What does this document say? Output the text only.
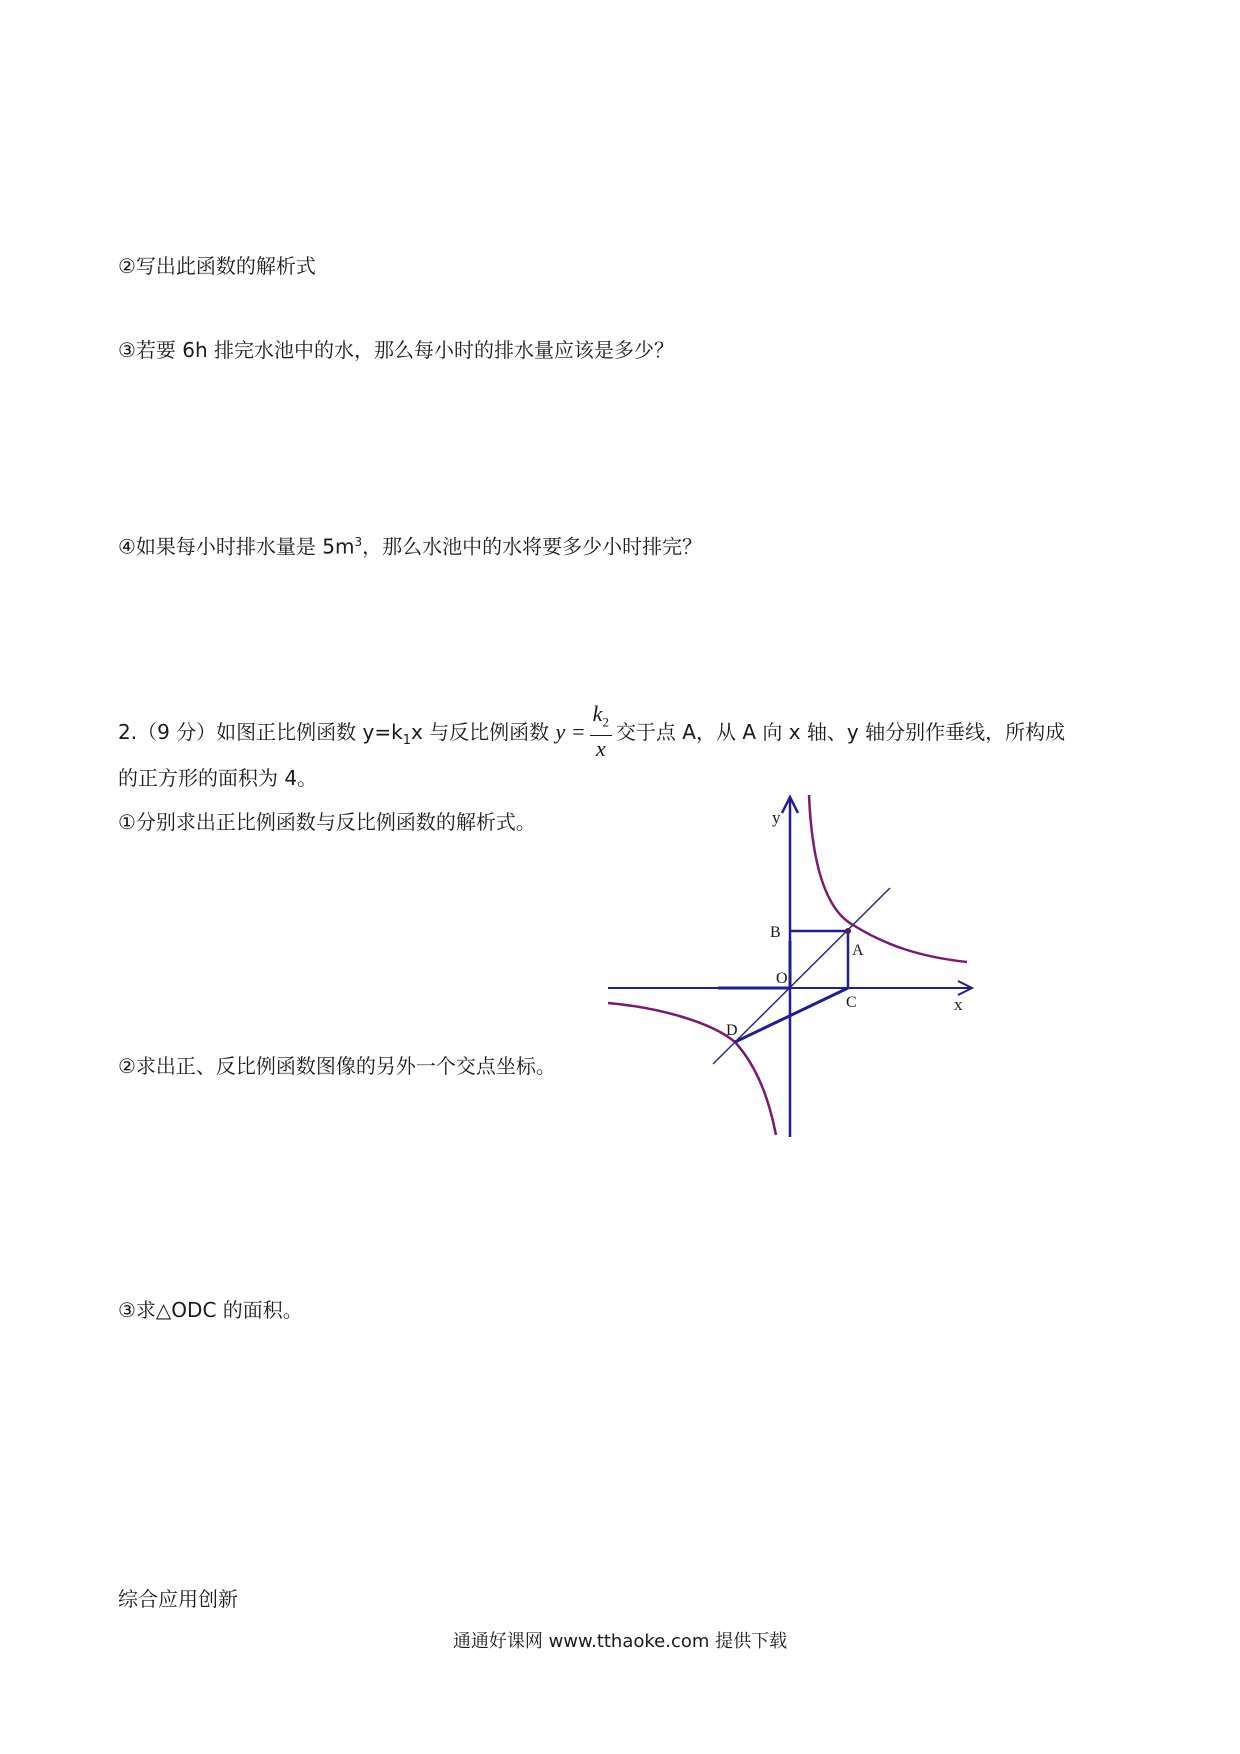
②写出此函数的解析式
③若要 6h 排完水池中的水，那么每小时的排水量应该是多少？
④如果每小时排水量是 $5m^3$，那么水池中的水将要多少小时排完？
2.（9 分）如图正比例函数 $y=k_1x$ 与反比例函数 $y = \frac{k_2}{x}$ 交于点 A，从 A 向 x 轴、y 轴分别作垂线，所构成
的正方形的面积为 4。
①分别求出正比例函数与反比例函数的解析式。
②求出正、反比例函数图像的另外一个交点坐标。
③求△ODC 的面积。
综合应用创新
y
x
O
A
B
C
D
通通好课网 www.tthaoke.com 提供下载
